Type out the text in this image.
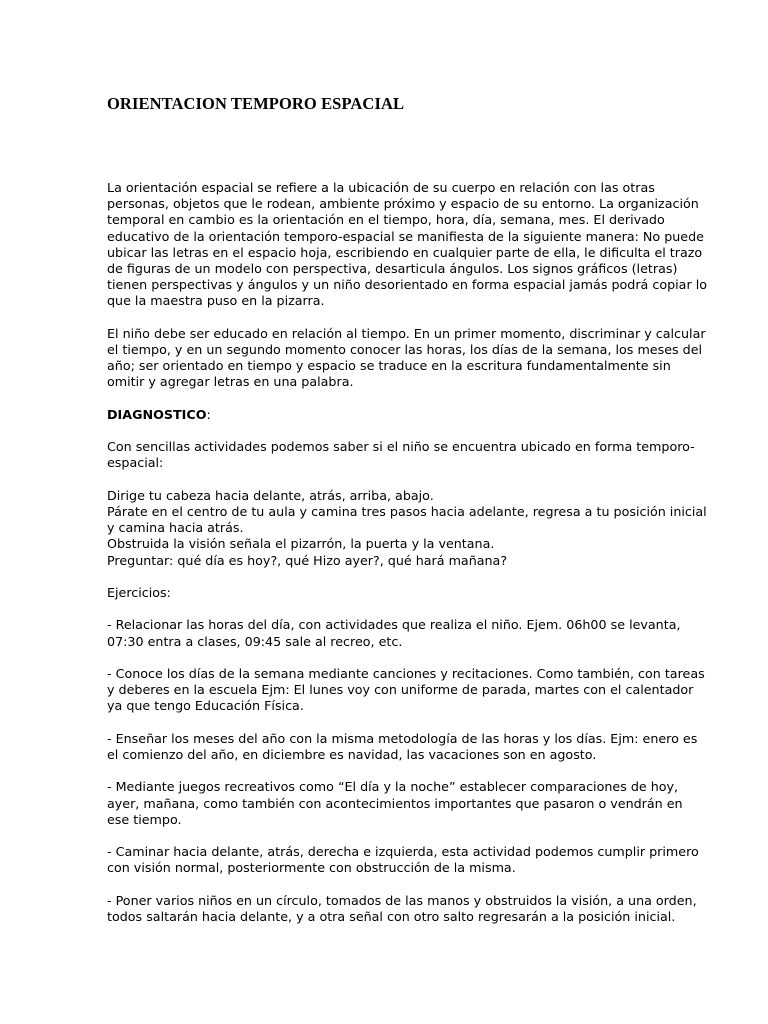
ORIENTACION TEMPORO ESPACIAL

La orientación espacial se refiere a la ubicación de su cuerpo en relación con las otras personas, objetos que le rodean, ambiente próximo y espacio de su entorno. La organización temporal en cambio es la orientación en el tiempo, hora, día, semana, mes. El derivado educativo de la orientación temporo-espacial se manifiesta de la siguiente manera: No puede ubicar las letras en el espacio hoja, escribiendo en cualquier parte de ella, le dificulta el trazo de figuras de un modelo con perspectiva, desarticula ángulos. Los signos gráficos (letras) tienen perspectivas y ángulos y un niño desorientado en forma espacial jamás podrá copiar lo que la maestra puso en la pizarra.

El niño debe ser educado en relación al tiempo. En un primer momento, discriminar y calcular el tiempo, y en un segundo momento conocer las horas, los días de la semana, los meses del año; ser orientado en tiempo y espacio se traduce en la escritura fundamentalmente sin omitir y agregar letras en una palabra.

DIAGNOSTICO:

Con sencillas actividades podemos saber si el niño se encuentra ubicado en forma temporo-espacial:

Dirige tu cabeza hacia delante, atrás, arriba, abajo.
Párate en el centro de tu aula y camina tres pasos hacia adelante, regresa a tu posición inicial y camina hacia atrás.
Obstruida la visión señala el pizarrón, la puerta y la ventana.
Preguntar: qué día es hoy?, qué Hizo ayer?, qué hará mañana?

Ejercicios:

- Relacionar las horas del día, con actividades que realiza el niño. Ejem. 06h00 se levanta, 07:30 entra a clases, 09:45 sale al recreo, etc.

- Conoce los días de la semana mediante canciones y recitaciones. Como también, con tareas y deberes en la escuela Ejm: El lunes voy con uniforme de parada, martes con el calentador ya que tengo Educación Física.

- Enseñar los meses del año con la misma metodología de las horas y los días. Ejm: enero es el comienzo del año, en diciembre es navidad, las vacaciones son en agosto.

- Mediante juegos recreativos como “El día y la noche” establecer comparaciones de hoy, ayer, mañana, como también con acontecimientos importantes que pasaron o vendrán en ese tiempo.

- Caminar hacia delante, atrás, derecha e izquierda, esta actividad podemos cumplir primero con visión normal, posteriormente con obstrucción de la misma.

- Poner varios niños en un círculo, tomados de las manos y obstruidos la visión, a una orden, todos saltarán hacia delante, y a otra señal con otro salto regresarán a la posición inicial.
